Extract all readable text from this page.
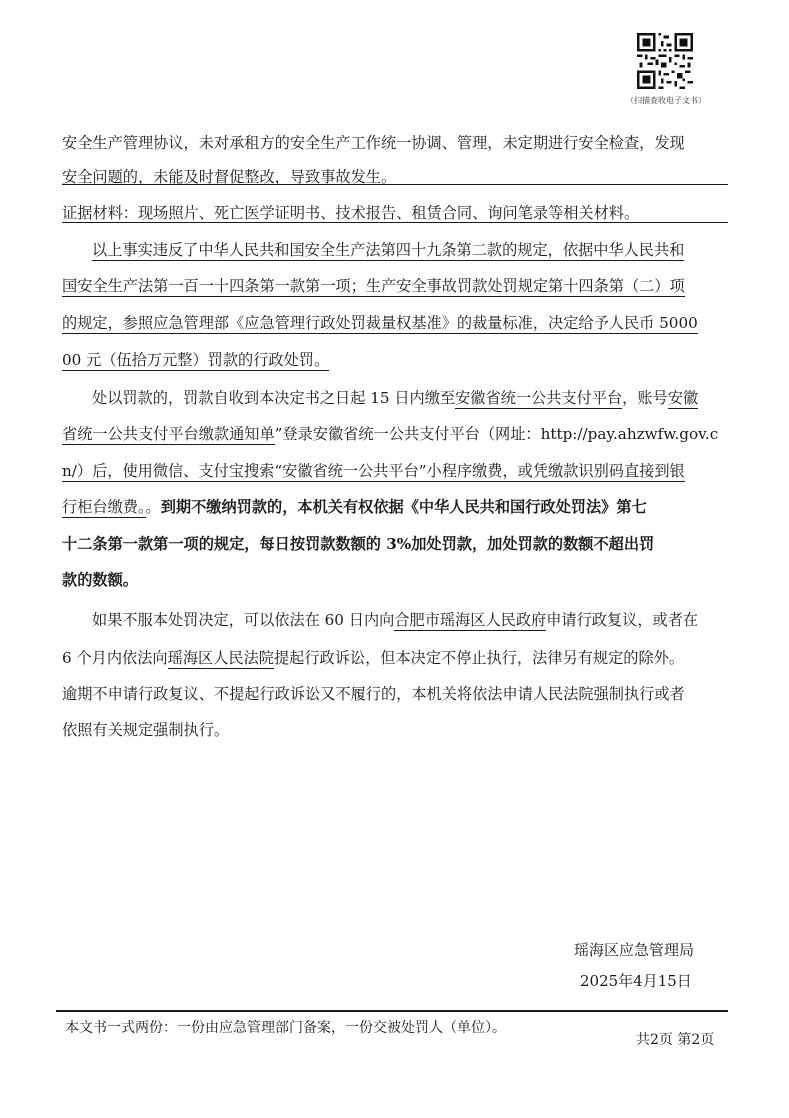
（扫描查收电子文书）
安全生产管理协议，未对承租方的安全生产工作统一协调、管理，未定期进行安全检查，发现
安全问题的，未能及时督促整改，导致事故发生。
证据材料：现场照片、死亡医学证明书、技术报告、租赁合同、询问笔录等相关材料。
以上事实违反了中华人民共和国安全生产法第四十九条第二款的规定，依据中华人民共和
国安全生产法第一百一十四条第一款第一项；生产安全事故罚款处罚规定第十四条第（二）项
的规定，参照应急管理部《应急管理行政处罚裁量权基准》的裁量标准，决定给予人民币 5000
00 元（伍拾万元整）罚款的行政处罚。
处以罚款的，罚款自收到本决定书之日起 15 日内缴至安徽省统一公共支付平台，账号安徽
省统一公共支付平台缴款通知单”登录安徽省统一公共支付平台（网址：http://pay.ahzwfw.gov.c
n/）后，使用微信、支付宝搜索“安徽省统一公共平台”小程序缴费，或凭缴款识别码直接到银
行柜台缴费。。到期不缴纳罚款的，本机关有权依据《中华人民共和国行政处罚法》第七
十二条第一款第一项的规定，每日按罚款数额的 3%加处罚款，加处罚款的数额不超出罚
款的数额。
如果不服本处罚决定，可以依法在 60 日内向合肥市瑶海区人民政府申请行政复议，或者在
6 个月内依法向瑶海区人民法院提起行政诉讼，但本决定不停止执行，法律另有规定的除外。
逾期不申请行政复议、不提起行政诉讼又不履行的，本机关将依法申请人民法院强制执行或者
依照有关规定强制执行。
瑶海区应急管理局
2025年4月15日
本文书一式两份：一份由应急管理部门备案，一份交被处罚人（单位）。
共2页 第2页
